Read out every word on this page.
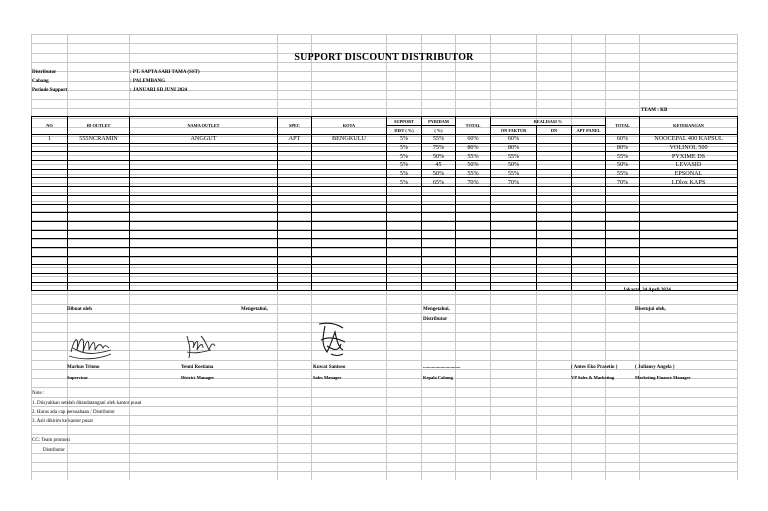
SUPPORT DISCOUNT DISTRIBUTOR
Distributor	: PT. SAPTA SARI TAMA (SST)
Cabang	: PALEMBANG
Periode Support	: JANUARI SD JUNI 2024
TEAM : KB
NO	ID OUTLET	NAMA OUTLET	SPEC	KOTA	SUPPORT	PYRIDAM	TOTAL	REALISASI %			TOTAL	KETERANGAN
					DIST ( %)	( %)		ON FAKTUR	DN	APT PANEL		
1	555NCRAMIN	ANGGUT	APT	BENGKULU	5%	55%	60%	60%			60%	NOOCEPAL 400 KAPSUL
					5%	75%	80%	80%			80%	VOLINOL 500
					5%	50%	55%	55%			55%	PYXIME DS
					5%	45	50%	50%			50%	LEVASID
					5%	50%	55%	55%			55%	EPSONAL
					5%	65%	70%	70%			70%	LDlox KAPS

Jakarta, 24 April 2024
Dibuat oleh	Mengetahui,	Mengetahui,
Distributor
Disetujui oleh,
Markus Triono
Supervisor
Yenni Rostiana
District Manager
Kuwat Santoso
Sales Manager
..............................
Kepala Cabang
( Antes Eko Prasetio )
VP Sales & Marketing
( Juliansy Angela )
Marketing Finance Manager
Note :
1. Diisyahkan setelah ditandatangani oleh kantor pusat
2. Harus ada cap perusahaan / Distributor
3. Asli dikirim ke kantor pusat
CC: Team promosi
Distributor
